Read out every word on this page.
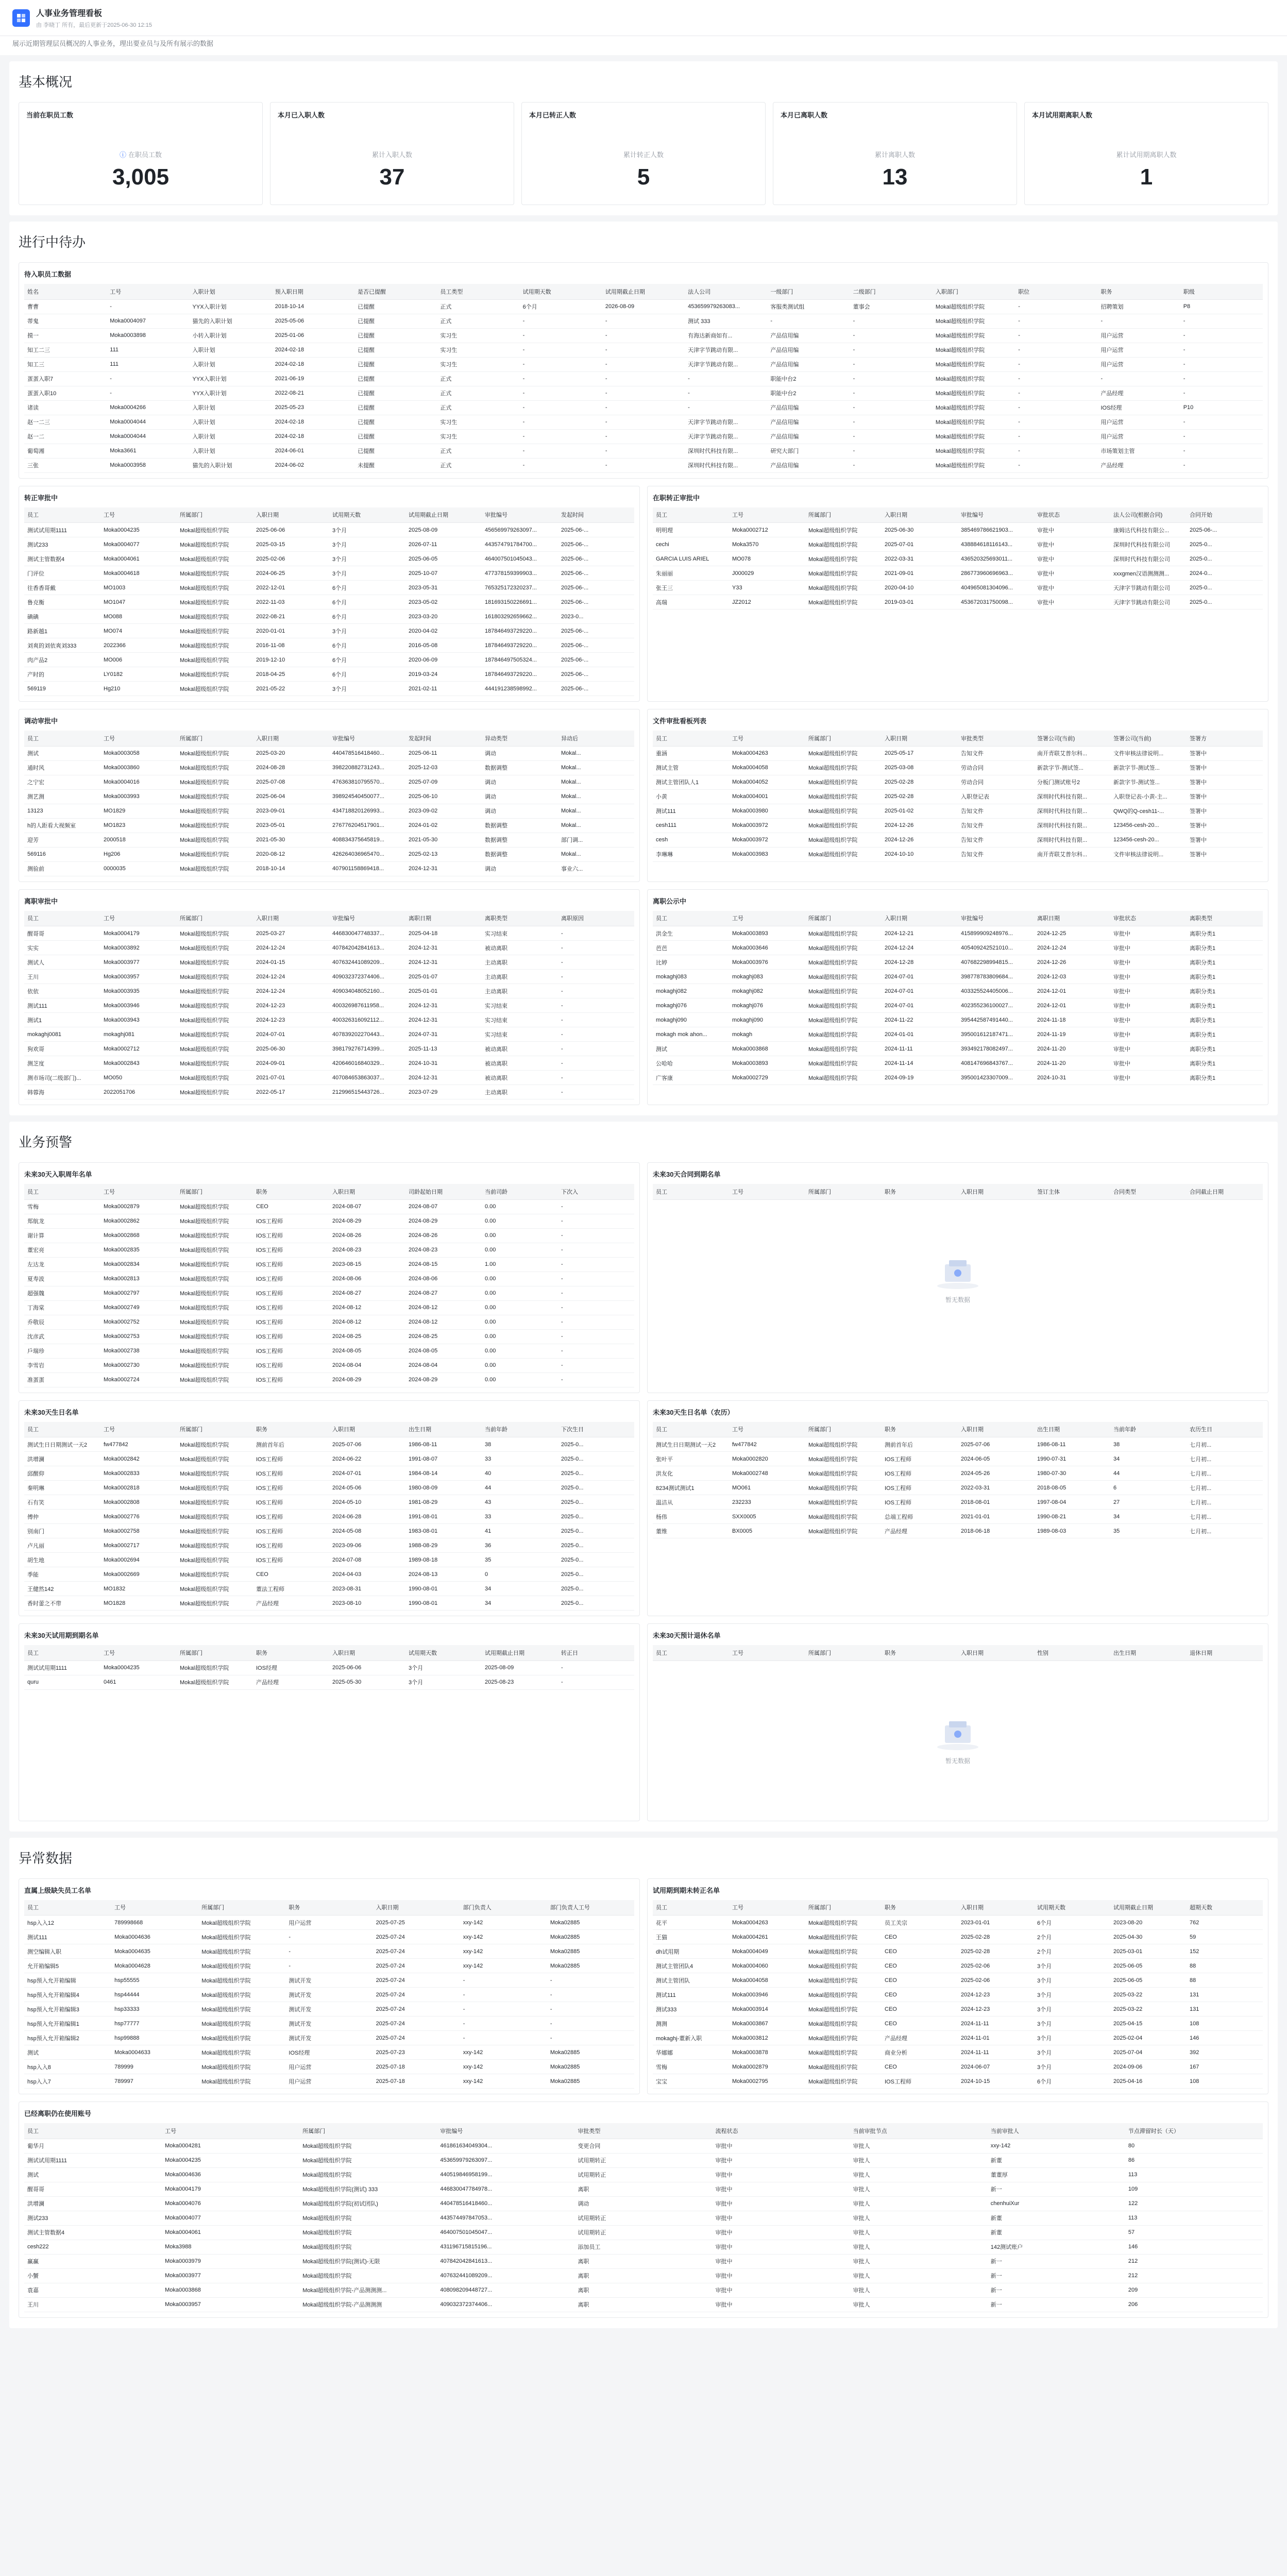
人事业务管理看板
由 李晓丁 所有，最后更新于2025-06-30 12:15
展示近期管理层员概况的人事业务，理出要业员与及所有展示的数据
基本概况
当前在职员工数
ⓘ 在职员工数
3,005
本月已入职人数
累计入职人数
37
本月已转正人数
累计转正人数
5
本月已离职人数
累计离职人数
13
本月试用期离职人数
累计试用期离职人数
1
进行中待办
待入职员工数据
姓名	工号	入职计划	预入职日期	是否已提醒	员工类型	试用期天数	试用期截止日期	法人公司	一级部门	二级部门	入职部门	职位	职务	职级
曹曹	-	YYX入职计划	2018-10-14	已提醒	正式	6个月	2026-08-09	453659979263083...	客服类测试组	董事会	Mokal超级组织学院	-	招聘策划	P8
蒂鬼	Moka0004097	猫先的入职计划	2025-05-06	已提醒	正式	-	-	测试 333	-	-	Mokal超级组织学院	-	-	-
摸一	Moka0003898	小转入职计划	2025-01-06	已提醒	实习生	-	-	有海达新商如有...	产品信用编	-	Mokal超级组织学院	-	用户运营	-
知工二三	111	入职计划	2024-02-18	已提醒	实习生	-	-	天津字节跳动有限...	产品信用编	-	Mokal超级组织学院	-	用户运营	-
知工三	111	入职计划	2024-02-18	已提醒	实习生	-	-	天津字节跳动有限...	产品信用编	-	Mokal超级组织学院	-	用户运营	-
蛋蛋入职7	-	YYX入职计划	2021-06-19	已提醒	正式	-	-	-	职能中台2	-	Mokal超级组织学院	-	-	-
蛋蛋入职10	-	YYX入职计划	2022-08-21	已提醒	正式	-	-	-	职能中台2	-	Mokal超级组织学院	-	产品经理	-
诸读	Moka0004266	入职计划	2025-05-23	已提醒	正式	-	-	-	产品信用编	-	Mokal超级组织学院	-	IOS经理	P10
赵一二三	Moka0004044	入职计划	2024-02-18	已提醒	实习生	-	-	天津字节跳动有限...	产品信用编	-	Mokal超级组织学院	-	用户运营	-
赵一二	Moka0004044	入职计划	2024-02-18	已提醒	实习生	-	-	天津字节跳动有限...	产品信用编	-	Mokal超级组织学院	-	用户运营	-
葡萄湘	Moka3661	入职计划	2024-06-01	已提醒	正式	-	-	深圳时代科技有限...	研究大部门	-	Mokal超级组织学院	-	市场策划主管	-
三张	Moka0003958	猫先的入职计划	2024-06-02	未提醒	正式	-	-	深圳时代科技有限...	产品信用编	-	Mokal超级组织学院	-	产品经理	-
转正审批中
员工	工号	所属部门	入职日期	试用期天数	试用期截止日期	审批编号	发起时间
测试试用期1111	Moka0004235	Mokal超级组织学院	2025-06-06	3个月	2025-08-09	456569979263097...	2025-06-...
测试233	Moka0004077	Mokal超级组织学院	2025-03-15	3个月	2026-07-11	443574791784700...	2025-06-...
测试主管数据4	Moka0004061	Mokal超级组织学院	2025-02-06	3个月	2025-06-05	464007501045043...	2025-06-...
门评位	Moka0004618	Mokal超级组织学院	2024-06-25	3个月	2025-10-07	477378159399903...	2025-06-...
往香香哥戴	MO1003	Mokal超级组织学院	2022-12-01	6个月	2023-05-31	765325172320237...	2025-06-...
鲁克衡	MO1047	Mokal超级组织学院	2022-11-03	6个月	2023-05-02	181693150226691...	2025-06-...
碘碘	MO088	Mokal超级组织学院	2022-08-21	6个月	2023-03-20	161803292659662...	2023-0...
路新越1	MO074	Mokal超级组织学院	2020-01-01	3个月	2020-04-02	187846493729220...	2025-06-...
刘爽的刘依爽刘333	2022366	Mokal超级组织学院	2016-11-08	6个月	2016-05-08	187846493729220...	2025-06-...
肉产品2	MO006	Mokal超级组织学院	2019-12-10	6个月	2020-06-09	187846497505324...	2025-06-...
产时的	LY0182	Mokal超级组织学院	2018-04-25	6个月	2019-03-24	187846493729220...	2025-06-...
569119	Hg210	Mokal超级组织学院	2021-05-22	3个月	2021-02-11	444191238598992...	2025-06-...
在职转正审批中
员工	工号	所属部门	入职日期	审批编号	审批状态	法人公司(根据合同)	合同开始
明明理	Moka0002712	Mokal超级组织学院	2025-06-30	385469786621903...	审批中	康姆达代科技有限公...	2025-06-...
cechi	Moka3570	Mokal超级组织学院	2025-07-01	438884618116143...	审批中	深圳时代科技有限公司	2025-0...
GARCIA LUIS ARIEL	MO078	Mokal超级组织学院	2022-03-31	436520325693011...	审批中	深圳时代科技有限公司	2025-0...
朱丽丽	J000029	Mokal超级组织学院	2021-09-01	286773960696963...	审批中	xxxgmen汉语测测测...	2024-0...
张王三	Y33	Mokal超级组织学院	2020-04-10	404965081304096...	审批中	天津字节跳动有限公司	2025-0...
高瑞	JZ2012	Mokal超级组织学院	2019-03-01	453672031750098...	审批中	天津字节跳动有限公司	2025-0...
调动审批中
员工	工号	所属部门	入职日期	审批编号	发起时间	异动类型	异动后
测试	Moka0003058	Mokal超级组织学院	2025-03-20	440478516418460...	2025-06-11	调动	Mokal...
通时风	Moka0003860	Mokal超级组织学院	2024-08-28	398220882731243...	2025-12-03	数据调整	Mokal...
之宁宏	Moka0004016	Mokal超级组织学院	2025-07-08	476363810795570...	2025-07-09	调动	Mokal...
测艺测	Moka0003993	Mokal超级组织学院	2025-06-04	398924540450077...	2025-06-10	调动	Mokal...
13123	MO1829	Mokal超级组织学院	2023-09-01	434718820126993...	2023-09-02	调动	Mokal...
h的人距看大视频室	MO1823	Mokal超级组织学院	2023-05-01	276776204517901...	2024-01-02	数据调整	Mokal...
迎芳	2000518	Mokal超级组织学院	2021-05-30	408834375645819...	2021-05-30	数据调整	部门调...
569116	Hg206	Mokal超级组织学院	2020-08-12	426264036965470...	2025-02-13	数据调整	Mokal...
测验前	0000035	Mokal超级组织学院	2018-10-14	407901158869418...	2024-12-31	调动	事业六...
文件审批看板列表
员工	工号	所属部门	入职日期	审批类型	签署公司(当前)	签署公司(当前)	签署方
重涵	Moka0004263	Mokal超级组织学院	2025-05-17	告知文件	南开青联艾普尔科...	文件审核法律说明...	签署中
测试主管	Moka0004058	Mokal超级组织学院	2025-03-08	劳动合同	新款字节-测试签...	新款字节-测试签...	签署中
测试主管团队人1	Moka0004052	Mokal超级组织学院	2025-02-28	劳动合同	分板门测试账号2	新款字节-测试签...	签署中
小黄	Moka0004001	Mokal超级组织学院	2025-02-28	入职登记表	深圳时代科技有限...	入职登记表-小黄-主...	签署中
测试111	Moka0003980	Mokal超级组织学院	2025-01-02	告知文件	深圳时代科技有限...	QWQ的Q-cesh11-...	签署中
cesh111	Moka0003972	Mokal超级组织学院	2024-12-26	告知文件	深圳时代科技有限...	123456-cesh-20...	签署中
cesh	Moka0003972	Mokal超级组织学院	2024-12-26	告知文件	深圳时代科技有限...	123456-cesh-20...	签署中
李琳琳	Moka0003983	Mokal超级组织学院	2024-10-10	告知文件	南开青联艾普尔科...	文件审核法律说明...	签署中
离职审批中
员工	工号	所属部门	入职日期	审批编号	离职日期	离职类型	离职原因
醒哥哥	Moka0004179	Mokal超级组织学院	2025-03-27	446830047748337...	2025-04-18	实习结束	-
实实	Moka0003892	Mokal超级组织学院	2024-12-24	407842042841613...	2024-12-31	被动离职	-
测试人	Moka0003977	Mokal超级组织学院	2024-01-15	407632441089209...	2024-12-31	主动离职	-
王川	Moka0003957	Mokal超级组织学院	2024-12-24	409032372374406...	2025-01-07	主动离职	-
依依	Moka0003935	Mokal超级组织学院	2024-12-24	409034048052160...	2025-01-01	主动离职	-
测试111	Moka0003946	Mokal超级组织学院	2024-12-23	400326987611958...	2024-12-31	实习结束	-
测试1	Moka0003943	Mokal超级组织学院	2024-12-23	400326316092112...	2024-12-31	实习结束	-
mokaghj0081	mokaghj081	Mokal超级组织学院	2024-07-01	407839202270443...	2024-07-31	实习结束	-
狗欢哥	Moka0002712	Mokal超级组织学院	2025-06-30	398179276714399...	2025-11-13	被动离职	-
测芝度	Moka0002843	Mokal超级组织学院	2024-09-01	420646016840329...	2024-10-31	被动离职	-
测市场司(二级部门)...	MO050	Mokal超级组织学院	2021-07-01	407084653863037...	2024-12-31	被动离职	-
韩蓉海	2022051706	Mokal超级组织学院	2022-05-17	212996515443726...	2023-07-29	主动离职	-
离职公示中
员工	工号	所属部门	入职日期	审批编号	离职日期	审批状态	离职类型
洪金生	Moka0003893	Mokal超级组织学院	2024-12-21	415899909248976...	2024-12-25	审批中	离职分类1
芭芭	Moka0003646	Mokal超级组织学院	2024-12-24	405409242521010...	2024-12-24	审批中	离职分类1
比婷	Moka0003976	Mokal超级组织学院	2024-12-28	407682298994815...	2024-12-26	审批中	离职分类1
mokaghj083	mokaghj083	Mokal超级组织学院	2024-07-01	398778783809684...	2024-12-03	审批中	离职分类1
mokaghj082	mokaghj082	Mokal超级组织学院	2024-07-01	403325524405006...	2024-12-01	审批中	离职分类1
mokaghj076	mokaghj076	Mokal超级组织学院	2024-07-01	402355236100027...	2024-12-01	审批中	离职分类1
mokaghj090	mokaghj090	Mokal超级组织学院	2024-11-22	395442587491440...	2024-11-18	审批中	离职分类1
mokagh mok ahon...	mokagh	Mokal超级组织学院	2024-01-01	395001612187471...	2024-11-19	审批中	离职分类1
测试	Moka0003868	Mokal超级组织学院	2024-11-11	393492178082497...	2024-11-20	审批中	离职分类1
公哈哈	Moka0003893	Mokal超级组织学院	2024-11-14	408147696843767...	2024-11-20	审批中	离职分类1
广客康	Moka0002729	Mokal超级组织学院	2024-09-19	395001423307009...	2024-10-31	审批中	离职分类1
业务预警
未来30天入职周年名单
员工	工号	所属部门	职务	入职日期	司龄起始日期	当前司龄	下次入
雪梅	Moka0002879	Mokal超级组织学院	CEO	2024-08-07	2024-08-07	0.00	-
郑航龙	Moka0002862	Mokal超级组织学院	IOS工程师	2024-08-29	2024-08-29	0.00	-
谢计算	Moka0002868	Mokal超级组织学院	IOS工程师	2024-08-26	2024-08-26	0.00	-
董宏亮	Moka0002835	Mokal超级组织学院	IOS工程师	2024-08-23	2024-08-23	0.00	-
左达龙	Moka0002834	Mokal超级组织学院	IOS工程师	2023-08-15	2024-08-15	1.00	-
夏寿波	Moka0002813	Mokal超级组织学院	IOS工程师	2024-08-06	2024-08-06	0.00	-
超强魏	Moka0002797	Mokal超级组织学院	IOS工程师	2024-08-27	2024-08-27	0.00	-
丁海棠	Moka0002749	Mokal超级组织学院	IOS工程师	2024-08-12	2024-08-12	0.00	-
乔敬辰	Moka0002752	Mokal超级组织学院	IOS工程师	2024-08-12	2024-08-12	0.00	-
沈彦武	Moka0002753	Mokal超级组织学院	IOS工程师	2024-08-25	2024-08-25	0.00	-
戶瑞珍	Moka0002738	Mokal超级组织学院	IOS工程师	2024-08-05	2024-08-05	0.00	-
李雪岩	Moka0002730	Mokal超级组织学院	IOS工程师	2024-08-04	2024-08-04	0.00	-
准蛋蛋	Moka0002724	Mokal超级组织学院	IOS工程师	2024-08-29	2024-08-29	0.00	-
未来30天合同到期名单
员工	工号	所属部门	职务	入职日期	签订主体	合同类型	合同截止日期
暂无数据
未来30天生日名单
员工	工号	所属部门	职务	入职日期	出生日期	当前年龄	下次生日
测试生日日期测试一天2	fw477842	Mokal超级组织学院	测前首年后	2025-07-06	1986-08-11	38	2025-0...
洪增澜	Moka0002842	Mokal超级组织学院	IOS工程师	2024-06-22	1991-08-07	33	2025-0...
邱醒仰	Moka0002833	Mokal超级组织学院	IOS工程师	2024-07-01	1984-08-14	40	2025-0...
秦明琳	Moka0002818	Mokal超级组织学院	IOS工程师	2024-05-06	1980-08-09	44	2025-0...
石有笑	Moka0002808	Mokal超级组织学院	IOS工程师	2024-05-10	1981-08-29	43	2025-0...
傅仲	Moka0002776	Mokal超级组织学院	IOS工程师	2024-06-28	1991-08-01	33	2025-0...
别南门	Moka0002758	Mokal超级组织学院	IOS工程师	2024-05-08	1983-08-01	41	2025-0...
卢凡丽	Moka0002717	Mokal超级组织学院	IOS工程师	2023-09-06	1988-08-29	36	2025-0...
胡生地	Moka0002694	Mokal超级组织学院	IOS工程师	2024-07-08	1989-08-18	35	2025-0...
季能	Moka0002669	Mokal超级组织学院	CEO	2024-04-03	2024-08-13	0	2025-0...
王健然142	MO1832	Mokal超级组织学院	董法工程师	2023-08-31	1990-08-01	34	2025-0...
香时蕾之不带	MO1828	Mokal超级组织学院	产品经理	2023-08-10	1990-08-01	34	2025-0...
未来30天生日名单（农历）
员工	工号	所属部门	职务	入职日期	出生日期	当前年龄	农历生日
测试生日日期测试一天2	fw477842	Mokal超级组织学院	测前首年后	2025-07-06	1986-08-11	38	七月初...
张叶平	Moka0002820	Mokal超级组织学院	IOS工程师	2024-06-05	1990-07-31	34	七月初...
洪友化	Moka0002748	Mokal超级组织学院	IOS工程师	2024-05-26	1980-07-30	44	七月初...
8234测试测试1	MO061	Mokal超级组织学院	IOS工程师	2022-03-31	2018-08-05	6	七月初...
温洁从	232233	Mokal超级组织学院	IOS工程师	2018-08-01	1997-08-04	27	七月初...
杨伟	SXX0005	Mokal超级组织学院	总端工程师	2021-01-01	1990-08-21	34	七月初...
董维	BX0005	Mokal超级组织学院	产品经理	2018-06-18	1989-08-03	35	七月初...
未来30天试用期到期名单
员工	工号	所属部门	职务	入职日期	试用期天数	试用期截止日期	转正日
测试试用期1111	Moka0004235	Mokal超级组织学院	IOS经理	2025-06-06	3个月	2025-08-09	-
quru	0461	Mokal超级组织学院	产品经理	2025-05-30	3个月	2025-08-23	-
未来30天预计退休名单
员工	工号	所属部门	职务	入职日期	性别	出生日期	退休日期
暂无数据
异常数据
直属上级缺失员工名单
员工	工号	所属部门	职务	入职日期	部门负责人	部门负责人工号
hsp入入12	789998668	Mokal超级组织学院	用户运营	2025-07-25	xxy-142	Moka02885
测试111	Moka0004636	Mokal超级组织学院	-	2025-07-24	xxy-142	Moka02885
测空编辑入职	Moka0004635	Mokal超级组织学院	-	2025-07-24	xxy-142	Moka02885
允开箱编辑5	Moka0004628	Mokal超级组织学院	-	2025-07-24	xxy-142	Moka02885
hsp预入允开箱编辑	hsp55555	Mokal超级组织学院	测试开发	2025-07-24	-	-
hsp预入允开箱编辑4	hsp44444	Mokal超级组织学院	测试开发	2025-07-24	-	-
hsp预入允开箱编辑3	hsp33333	Mokal超级组织学院	测试开发	2025-07-24	-	-
hsp预入允开箱编辑1	hsp77777	Mokal超级组织学院	测试开发	2025-07-24	-	-
hsp预入允开箱编辑2	hsp99888	Mokal超级组织学院	测试开发	2025-07-24	-	-
测试	Moka0004633	Mokal超级组织学院	IOS经理	2025-07-23	xxy-142	Moka02885
hsp入入8	789999	Mokal超级组织学院	用户运营	2025-07-18	xxy-142	Moka02885
hsp入入7	789997	Mokal超级组织学院	用户运营	2025-07-18	xxy-142	Moka02885
试用期到期未转正名单
员工	工号	所属部门	职务	入职日期	试用期天数	试用期截止日期	超期天数
花平	Moka0004263	Mokal超级组织学院	员工关宗	2023-01-01	6个月	2023-08-20	762
王猫	Moka0004261	Mokal超级组织学院	CEO	2025-02-28	2个月	2025-04-30	59
dh试用期	Moka0004049	Mokal超级组织学院	CEO	2025-02-28	2个月	2025-03-01	152
测试主管团队4	Moka0004060	Mokal超级组织学院	CEO	2025-02-06	3个月	2025-06-05	88
测试主管团队	Moka0004058	Mokal超级组织学院	CEO	2025-02-06	3个月	2025-06-05	88
测试111	Moka0003946	Mokal超级组织学院	CEO	2024-12-23	3个月	2025-03-22	131
测试333	Moka0003914	Mokal超级组织学院	CEO	2024-12-23	3个月	2025-03-22	131
测测	Moka0003867	Mokal超级组织学院	CEO	2024-11-11	3个月	2025-04-15	108
mokaghj-董新入职	Moka0003812	Mokal超级组织学院	产品经理	2024-11-01	3个月	2025-02-04	146
华娜娜	Moka0003878	Mokal超级组织学院	商业分析	2024-11-11	3个月	2025-07-04	392
雪梅	Moka0002879	Mokal超级组织学院	CEO	2024-06-07	3个月	2024-09-06	167
宝宝	Moka0002795	Mokal超级组织学院	IOS工程师	2024-10-15	6个月	2025-04-16	108
已经离职仍在使用账号
员工	工号	所属部门	审批编号	审批类型	流程状态	当前审批节点	当前审批人	节点滞留时长（天）
葡华月	Moka0004281	Mokal超级组织学院	461861634049304...	变更合同	审批中	审批人	xxy-142	80
测试试用期1111	Moka0004235	Mokal超级组织学院	453659979263097...	试用期转正	审批中	审批人	新董	86
测试	Moka0004636	Mokal超级组织学院	440519846958199...	试用期转正	审批中	审批人	董董厚	113
醒哥哥	Moka0004179	Mokal超级组织学院(测试) 333	446830047784978...	离职	审批中	审批人	新一	109
洪增澜	Moka0004076	Mokal超级组织学院(初试团队)	440478516418460...	调动	审批中	审批人	chenhuiXur	122
测试233	Moka0004077	Mokal超级组织学院	443574497847053...	试用期转正	审批中	审批人	新董	113
测试主管数据4	Moka0004061	Mokal超级组织学院	464007501045047...	试用期转正	审批中	审批人	新董	57
cesh222	Moka3988	Mokal超级组织学院	431196715815196...	添加员工	审批中	审批人	142测试账户	146
赢赢	Moka0003979	Mokal超级组织学院(测试)-无限	407842042841613...	离职	审批中	审批人	新一	212
小蟹	Moka0003977	Mokal超级组织学院	407632441089209...	离职	审批中	审批人	新一	212
袁嘉	Moka0003868	Mokal超级组织学院-产品测测测...	408098209448727...	离职	审批中	审批人	新一	209
王川	Moka0003957	Mokal超级组织学院-产品测测测	409032372374406...	离职	审批中	审批人	新一	206
